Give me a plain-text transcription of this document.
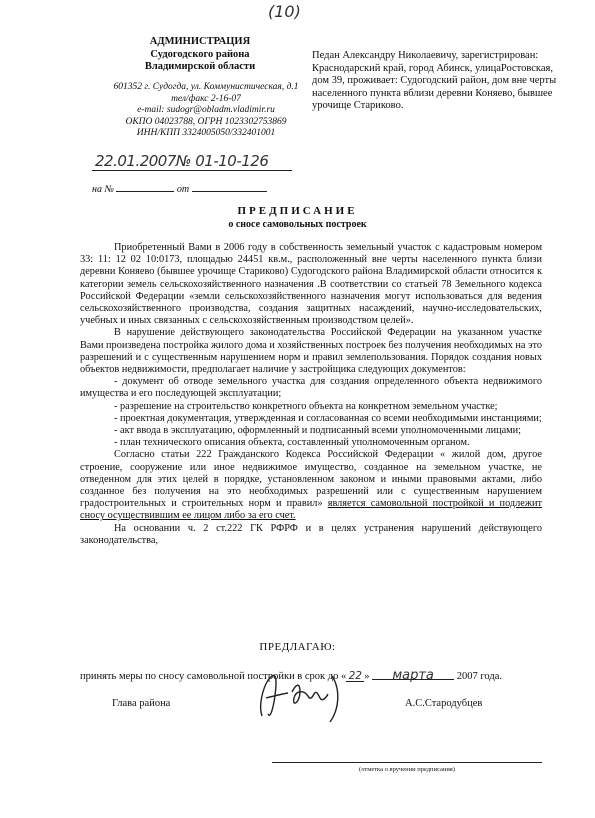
(10)
АДМИНИСТРАЦИЯ
Судогодского района
Владимирской области
601352 г. Судогда, ул. Коммунистическая, д.1
тел/факс 2-16-07
e-mail: sudogr@obladm.vladimir.ru
ОКПО 04023788, ОГРН 1023302753869
ИНН/КПП 3324005050/332401001
Педан Александру Николаевичу, зарегистрирован: Краснодарский край, город Абинск, улицаРостовская, дом 39, проживает: Судогодский район, дом вне черты населенного пункта вблизи деревни Коняево, бывшее урочище Стариково.
22.01.2007№ 01-10-126
на №	от
ПРЕДПИСАНИЕ
о сносе самовольных построек

Приобретенный Вами в 2006 году в собственность земельный участок с кадастровым номером 33: 11: 12 02 10:0173, площадью 24451 кв.м., расположенный вне черты населенного пункта близи деревни Коняево (бывшее урочище Стариково) Судогодского района Владимирской области относится к категории земель сельскохозяйственного назначения .В соответствии со статьей 78 Земельного кодекса Российской Федерации «земли сельскохозяйственного назначения могут использоваться для ведения сельскохозяйственного производства, создания защитных насаждений, научно-исследовательских, учебных и иных связанных с сельскохозяйственным производством целей».

В нарушение действующего законодательства Российской Федерации на указанном участке Вами произведена постройка жилого дома и хозяйственных построек без получения необходимых на это разрешений и с существенным нарушением норм и правил землепользования. Порядок создания новых объектов недвижимости, предполагает наличие у застройщика следующих документов:

- документ об отводе земельного участка для создания определенного объекта недвижимого имущества и его последующей эксплуатации;

- разрешение на строительство конкретного объекта на конкретном земельном участке;

- проектная документация, утвержденная и согласованная со всеми необходимыми инстанциями;

- акт ввода в эксплуатацию, оформленный и подписанный всеми уполномоченными лицами;

- план технического описания объекта, составленный уполномоченным органом.

Согласно статьи 222 Гражданского Кодекса Российской Федерации « жилой дом, другое строение, сооружение или иное недвижимое имущество, созданное на земельном участке, не отведенном для этих целей в порядке, установленном законом и иными правовыми актами, либо созданное без получения на это необходимых разрешений или с существенным нарушением градостроительных и строительных норм и правил» является самовольной постройкой и подлежит сносу осуществившим ее лицом либо за его счет.

На основании ч. 2 ст.222 ГК РФРФ и в целях устранения нарушений действующего законодательства,

ПРЕДЛАГАЮ:
принять меры по сносу самовольной постройки в срок до « 22 » марта 2007 года.
Глава района	А.С.Стародубцев
(отметка о вручении предписания)
